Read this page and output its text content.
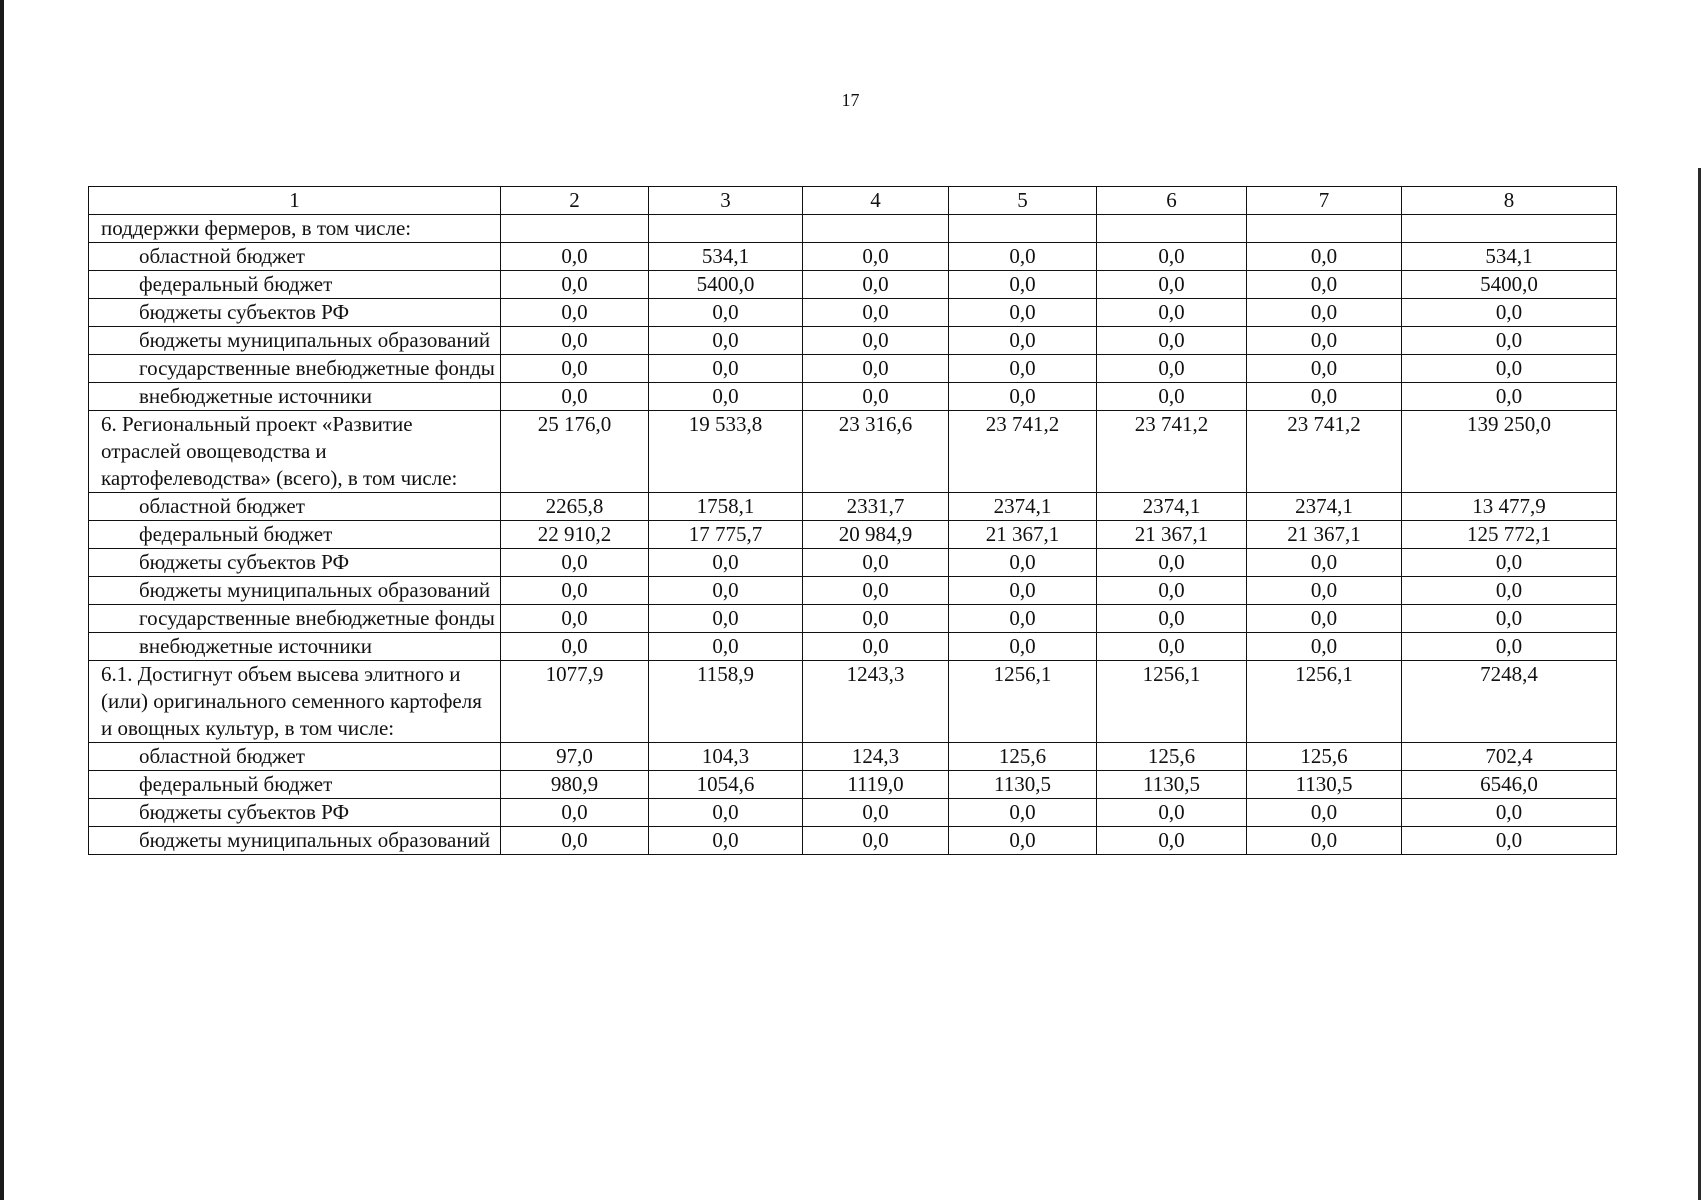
17
1	2	3	4	5	6	7	8
поддержки фермеров, в том числе:							
областной бюджет	0,0	534,1	0,0	0,0	0,0	0,0	534,1
федеральный бюджет	0,0	5400,0	0,0	0,0	0,0	0,0	5400,0
бюджеты субъектов РФ	0,0	0,0	0,0	0,0	0,0	0,0	0,0
бюджеты муниципальных образований	0,0	0,0	0,0	0,0	0,0	0,0	0,0
государственные внебюджетные фонды	0,0	0,0	0,0	0,0	0,0	0,0	0,0
внебюджетные источники	0,0	0,0	0,0	0,0	0,0	0,0	0,0
6. Региональный проект «Развитие отраслей овощеводства и картофелеводства» (всего), в том числе:	25 176,0	19 533,8	23 316,6	23 741,2	23 741,2	23 741,2	139 250,0
областной бюджет	2265,8	1758,1	2331,7	2374,1	2374,1	2374,1	13 477,9
федеральный бюджет	22 910,2	17 775,7	20 984,9	21 367,1	21 367,1	21 367,1	125 772,1
бюджеты субъектов РФ	0,0	0,0	0,0	0,0	0,0	0,0	0,0
бюджеты муниципальных образований	0,0	0,0	0,0	0,0	0,0	0,0	0,0
государственные внебюджетные фонды	0,0	0,0	0,0	0,0	0,0	0,0	0,0
внебюджетные источники	0,0	0,0	0,0	0,0	0,0	0,0	0,0
6.1. Достигнут объем высева элитного и (или) оригинального семенного картофеля и овощных культур, в том числе:	1077,9	1158,9	1243,3	1256,1	1256,1	1256,1	7248,4
областной бюджет	97,0	104,3	124,3	125,6	125,6	125,6	702,4
федеральный бюджет	980,9	1054,6	1119,0	1130,5	1130,5	1130,5	6546,0
бюджеты субъектов РФ	0,0	0,0	0,0	0,0	0,0	0,0	0,0
бюджеты муниципальных образований	0,0	0,0	0,0	0,0	0,0	0,0	0,0
